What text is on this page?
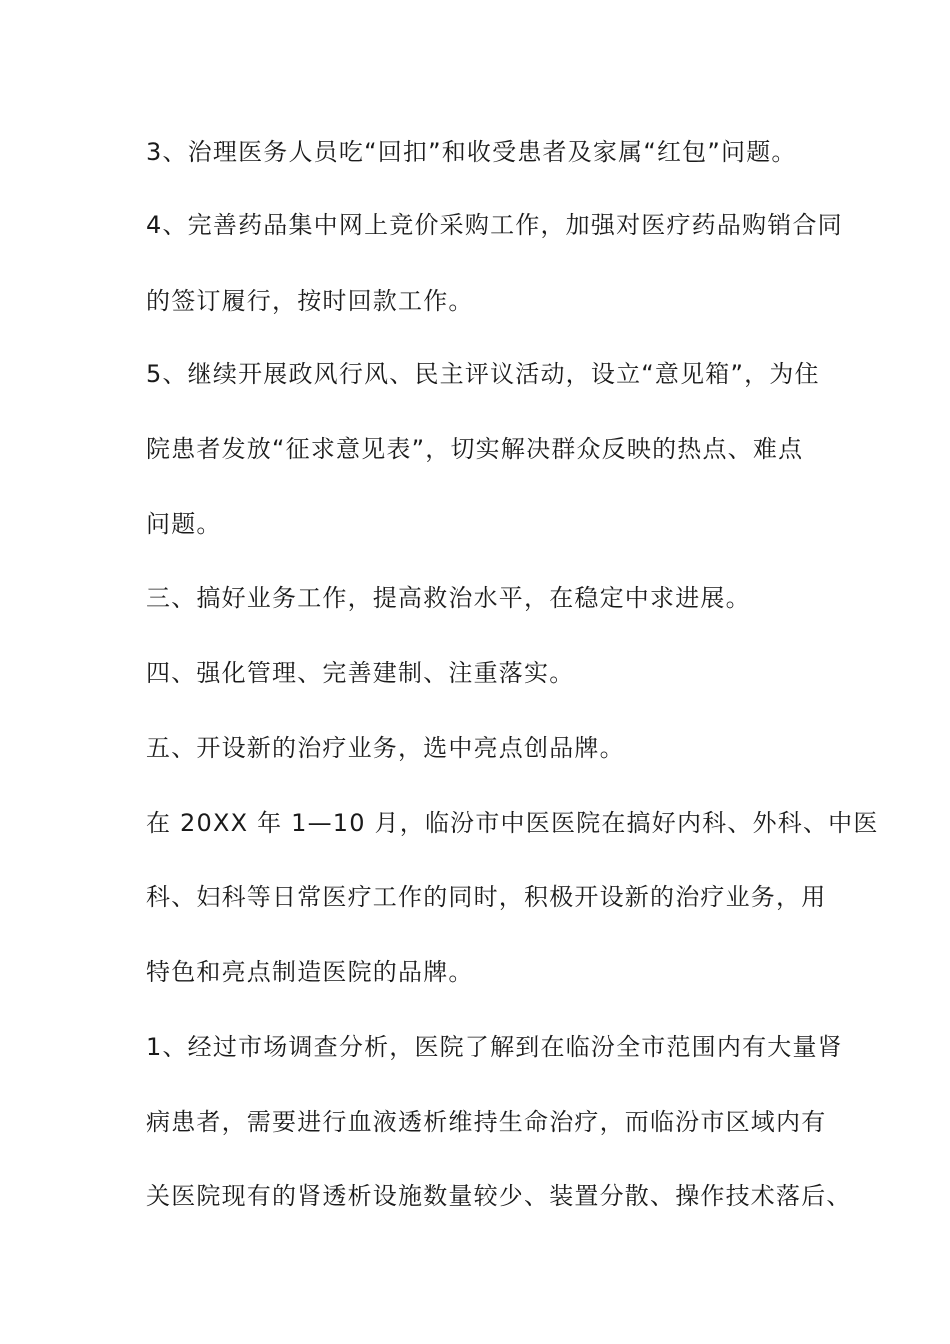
3、治理医务人员吃“回扣”和收受患者及家属“红包”问题。
4、完善药品集中网上竞价采购工作，加强对医疗药品购销合同
的签订履行，按时回款工作。
5、继续开展政风行风、民主评议活动，设立“意见箱”，为住
院患者发放“征求意见表”，切实解决群众反映的热点、难点
问题。
三、搞好业务工作，提高救治水平，在稳定中求进展。
四、强化管理、完善建制、注重落实。
五、开设新的治疗业务，选中亮点创品牌。
在 20XX 年 1—10 月，临汾市中医医院在搞好内科、外科、中医
科、妇科等日常医疗工作的同时，积极开设新的治疗业务，用
特色和亮点制造医院的品牌。
1、经过市场调查分析，医院了解到在临汾全市范围内有大量肾
病患者，需要进行血液透析维持生命治疗，而临汾市区域内有
关医院现有的肾透析设施数量较少、装置分散、操作技术落后、
